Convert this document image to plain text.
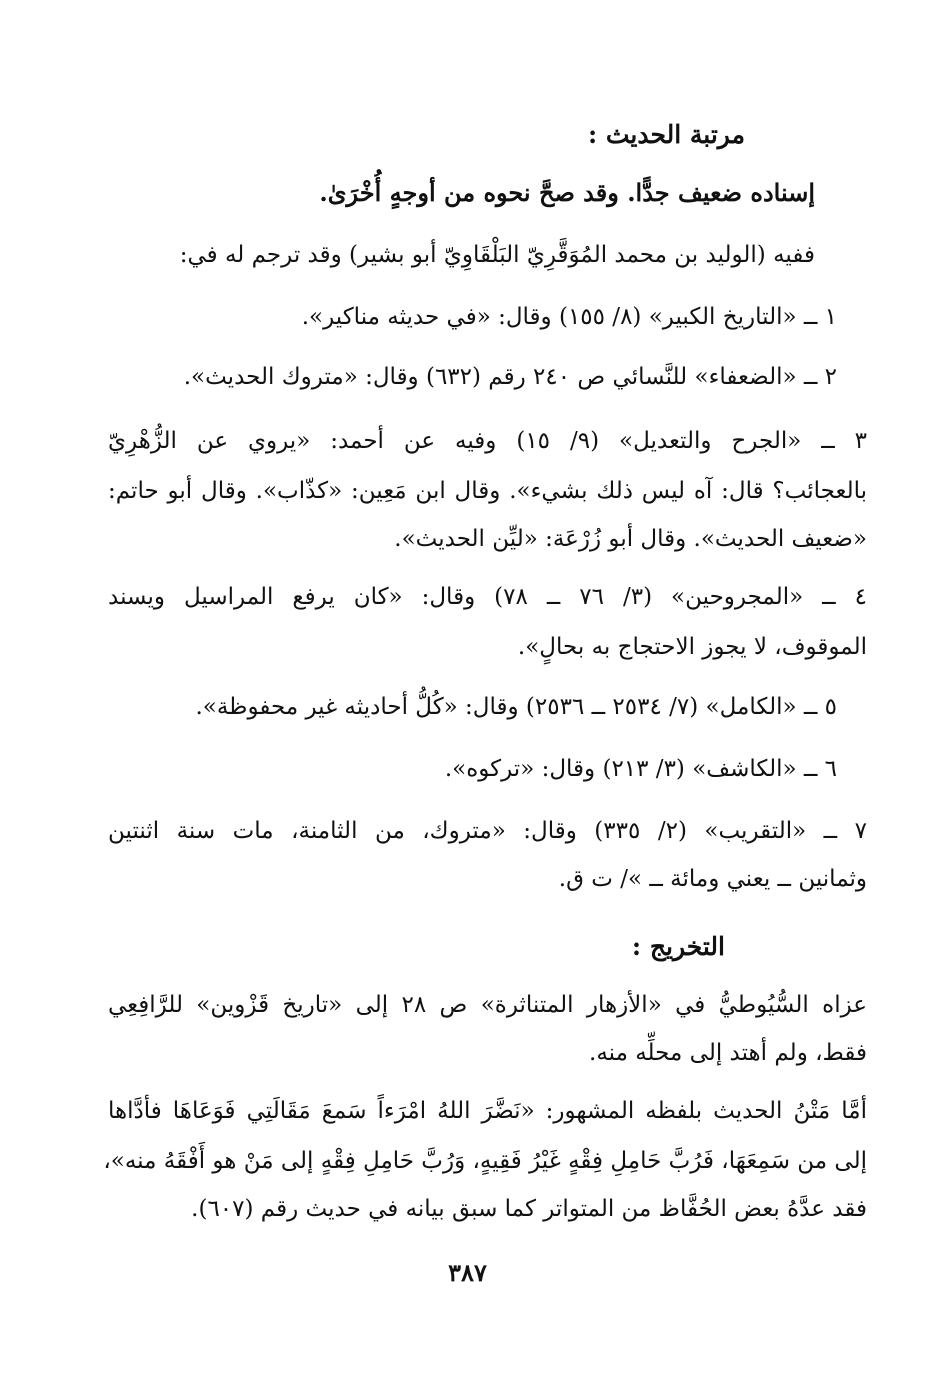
مرتبة الحديث :
إسناده ضعيف جدًّا. وقد صحَّ نحوه من أوجهٍ أُخْرَىٰ.
ففيه (الوليد بن محمد المُوَقَّرِيّ البَلْقَاوِيّ أبو بشير) وقد ترجم له في:
١ ــ «التاريخ الكبير» (٨/ ١٥٥) وقال: «في حديثه مناكير».
٢ ــ «الضعفاء» للنَّسائي ص ٢٤٠ رقم (٦٣٢) وقال: «متروك الحديث».
٣ ــ «الجرح والتعديل» (٩/ ١٥) وفيه عن أحمد: «يروي عن الزُّهْرِيّ
بالعجائب؟ قال: آه ليس ذلك بشيء». وقال ابن مَعِين: «كذّاب». وقال أبو حاتم:
«ضعيف الحديث». وقال أبو زُرْعَة: «ليِّن الحديث».
٤ ــ «المجروحين» (٣/ ٧٦ ــ ٧٨) وقال: «كان يرفع المراسيل ويسند
الموقوف، لا يجوز الاحتجاج به بحالٍ».
٥ ــ «الكامل» (٧/ ٢٥٣٤ ــ ٢٥٣٦) وقال: «كُلُّ أحاديثه غير محفوظة».
٦ ــ «الكاشف» (٣/ ٢١٣) وقال: «تركوه».
٧ ــ «التقريب» (٢/ ٣٣٥) وقال: «متروك، من الثامنة، مات سنة اثنتين
وثمانين ــ يعني ومائة ــ »/ ت ق.
التخريج :
عزاه السُّيُوطيُّ في «الأزهار المتناثرة» ص ٢٨ إلى «تاريخ قَزْوين» للرَّافِعِي
فقط، ولم أهتد إلى محلِّه منه.
أمَّا مَتْنُ الحديث بلفظه المشهور: «نَضَّرَ اللهُ امْرَءاً سَمعَ مَقَالَتِي فَوَعَاهَا فأدَّاها
إلى من سَمِعَهَا، فَرُبَّ حَامِلِ فِقْهٍ غَيْرُ فَقِيهٍ، وَرُبَّ حَامِلِ فِقْهٍ إلى مَنْ هو أَفْقَهُ منه»،
فقد عدَّهُ بعض الحُفَّاظ من المتواتر كما سبق بيانه في حديث رقم (٦٠٧).
٣٨٧
